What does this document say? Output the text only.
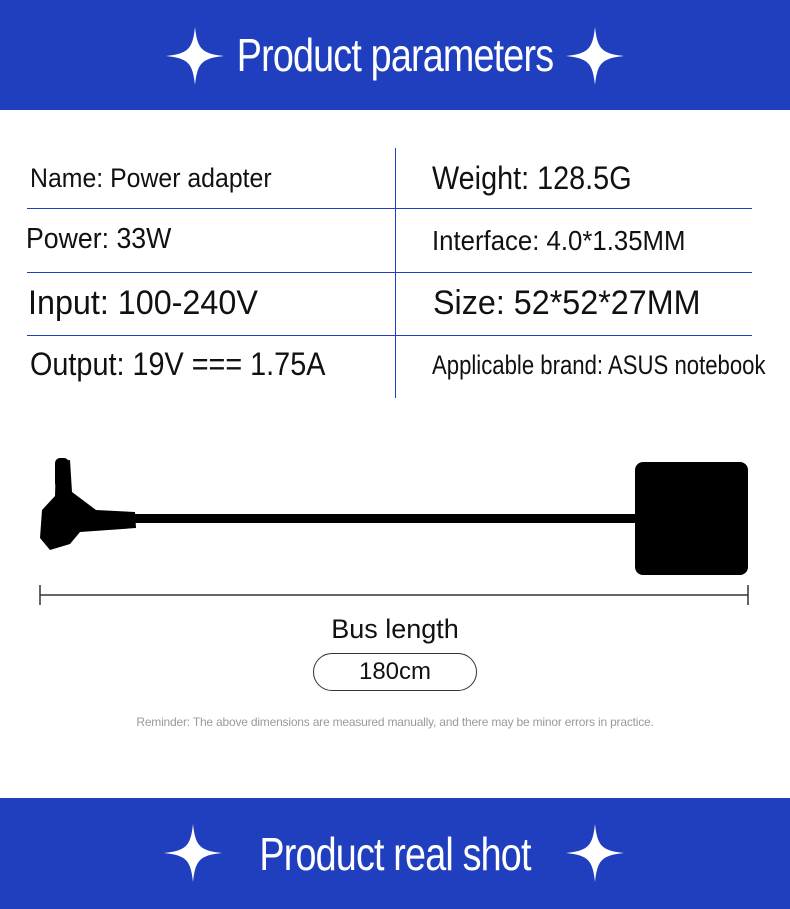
Product parameters
Name: Power adapter	Weight: 128.5G
Power: 33W	Interface: 4.0*1.35MM
Input: 100-240V	Size: 52*52*27MM
Output: 19V === 1.75A	Applicable brand: ASUS notebook
Bus length
180cm
Reminder: The above dimensions are measured manually, and there may be minor errors in practice.
Product real shot
